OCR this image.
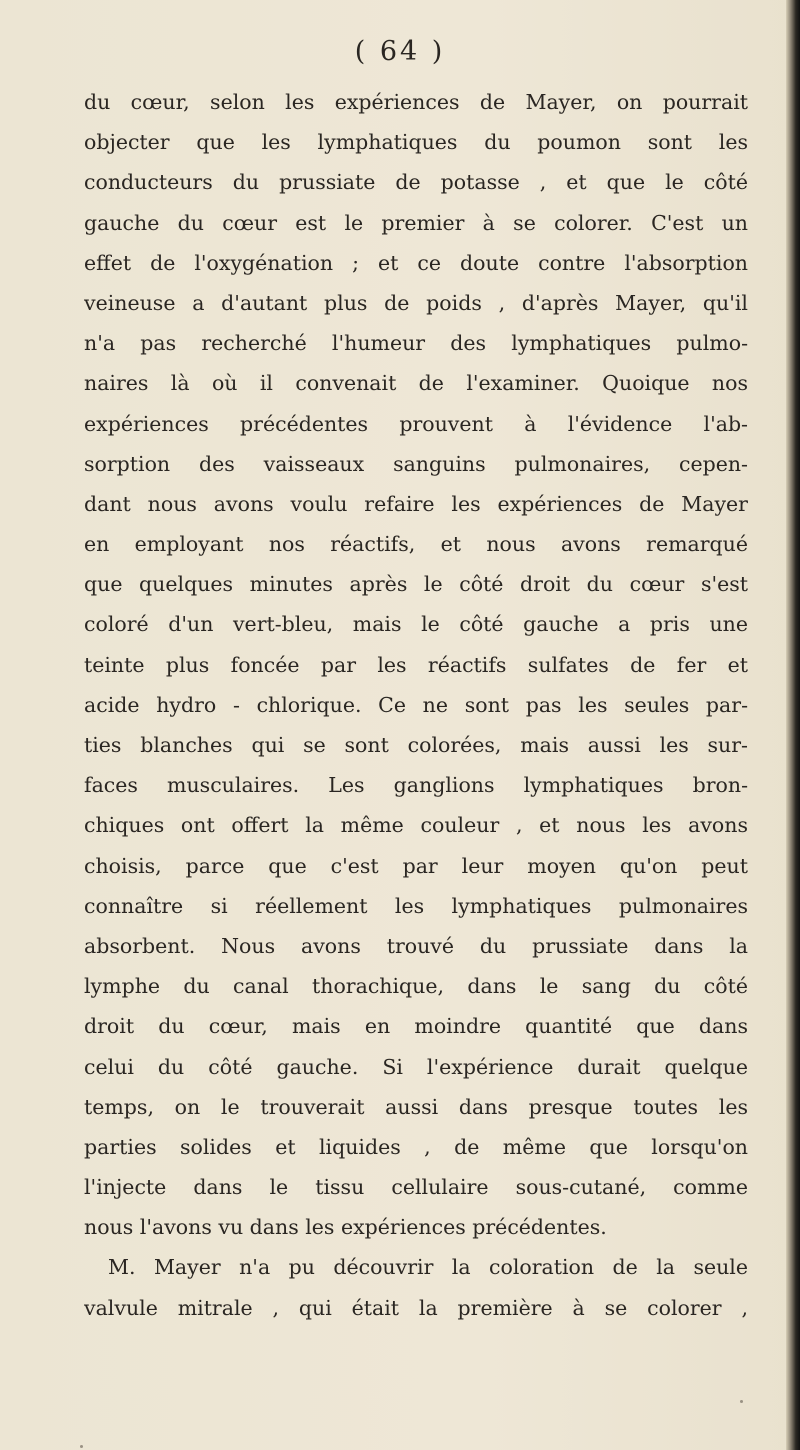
( 64 )
du cœur, selon les expériences de Mayer, on pourrait
objecter que les lymphatiques du poumon sont les
conducteurs du prussiate de potasse , et que le côté
gauche du cœur est le premier à se colorer. C'est un
effet de l'oxygénation ; et ce doute contre l'absorption
veineuse a d'autant plus de poids , d'après Mayer, qu'il
n'a pas recherché l'humeur des lymphatiques pulmo-
naires là où il convenait de l'examiner. Quoique nos
expériences précédentes prouvent à l'évidence l'ab-
sorption des vaisseaux sanguins pulmonaires, cepen-
dant nous avons voulu refaire les expériences de Mayer
en employant nos réactifs, et nous avons remarqué
que quelques minutes après le côté droit du cœur s'est
coloré d'un vert-bleu, mais le côté gauche a pris une
teinte plus foncée par les réactifs sulfates de fer et
acide hydro - chlorique. Ce ne sont pas les seules par-
ties blanches qui se sont colorées, mais aussi les sur-
faces musculaires. Les ganglions lymphatiques bron-
chiques ont offert la même couleur , et nous les avons
choisis, parce que c'est par leur moyen qu'on peut
connaître si réellement les lymphatiques pulmonaires
absorbent. Nous avons trouvé du prussiate dans la
lymphe du canal thorachique, dans le sang du côté
droit du cœur, mais en moindre quantité que dans
celui du côté gauche. Si l'expérience durait quelque
temps, on le trouverait aussi dans presque toutes les
parties solides et liquides , de même que lorsqu'on
l'injecte dans le tissu cellulaire sous-cutané, comme
nous l'avons vu dans les expériences précédentes.
M. Mayer n'a pu découvrir la coloration de la seule
valvule mitrale , qui était la première à se colorer ,
